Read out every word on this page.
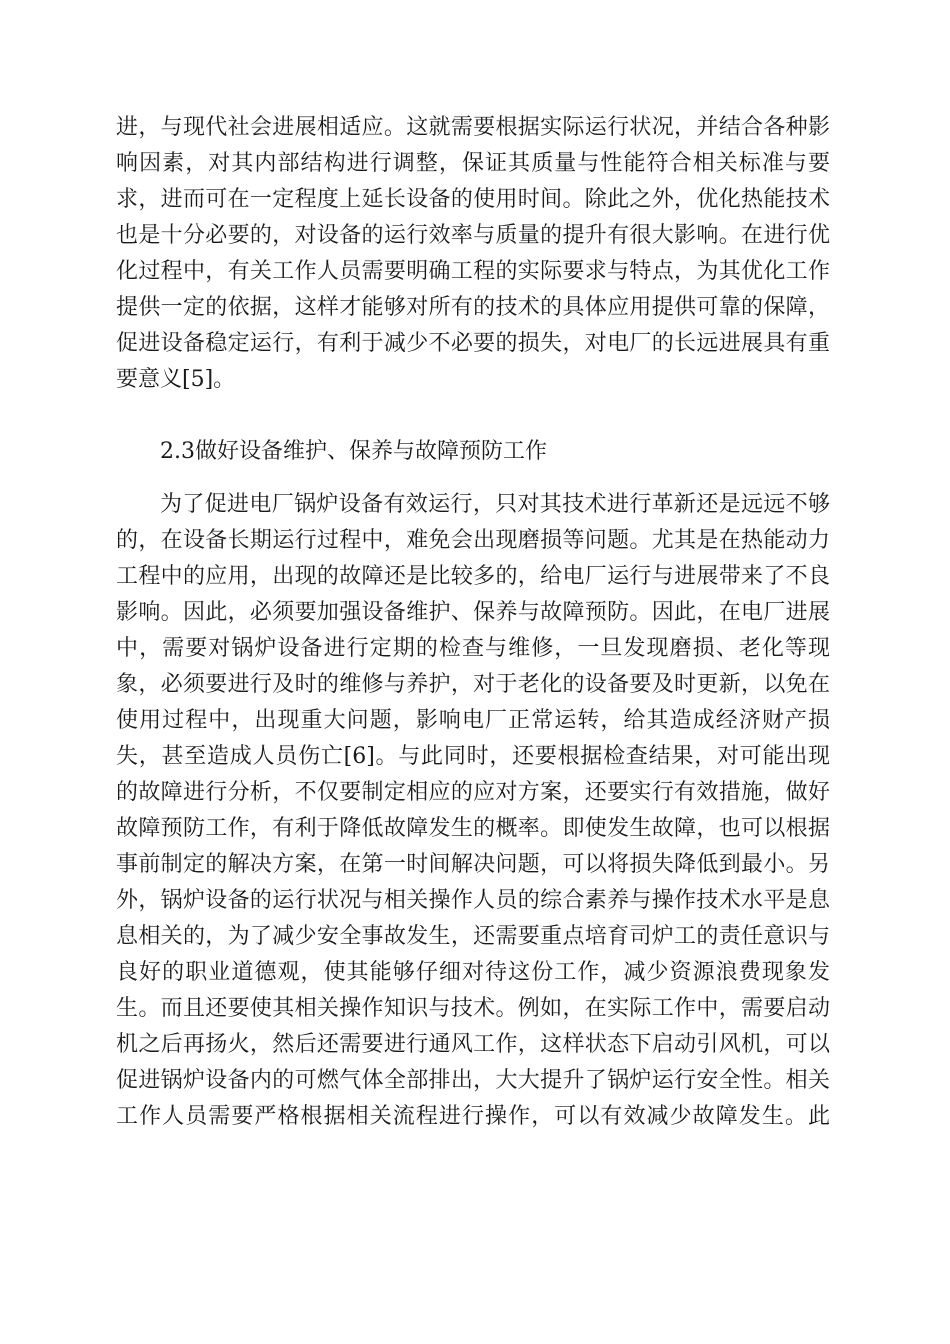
进，与现代社会进展相适应。这就需要根据实际运行状况，并结合各种影
响因素，对其内部结构进行调整，保证其质量与性能符合相关标准与要
求，进而可在一定程度上延长设备的使用时间。除此之外，优化热能技术
也是十分必要的，对设备的运行效率与质量的提升有很大影响。在进行优
化过程中，有关工作人员需要明确工程的实际要求与特点，为其优化工作
提供一定的依据，这样才能够对所有的技术的具体应用提供可靠的保障，
促进设备稳定运行，有利于减少不必要的损失，对电厂的长远进展具有重
要意义[5]。
2.3做好设备维护、保养与故障预防工作
为了促进电厂锅炉设备有效运行，只对其技术进行革新还是远远不够
的，在设备长期运行过程中，难免会出现磨损等问题。尤其是在热能动力
工程中的应用，出现的故障还是比较多的，给电厂运行与进展带来了不良
影响。因此，必须要加强设备维护、保养与故障预防。因此，在电厂进展
中，需要对锅炉设备进行定期的检查与维修，一旦发现磨损、老化等现
象，必须要进行及时的维修与养护，对于老化的设备要及时更新，以免在
使用过程中，出现重大问题，影响电厂正常运转，给其造成经济财产损
失，甚至造成人员伤亡[6]。与此同时，还要根据检查结果，对可能出现
的故障进行分析，不仅要制定相应的应对方案，还要实行有效措施，做好
故障预防工作，有利于降低故障发生的概率。即使发生故障，也可以根据
事前制定的解决方案，在第一时间解决问题，可以将损失降低到最小。另
外，锅炉设备的运行状况与相关操作人员的综合素养与操作技术水平是息
息相关的，为了减少安全事故发生，还需要重点培育司炉工的责任意识与
良好的职业道德观，使其能够仔细对待这份工作，减少资源浪费现象发
生。而且还要使其相关操作知识与技术。例如，在实际工作中，需要启动
机之后再扬火，然后还需要进行通风工作，这样状态下启动引风机，可以
促进锅炉设备内的可燃气体全部排出，大大提升了锅炉运行安全性。相关
工作人员需要严格根据相关流程进行操作，可以有效减少故障发生。此
